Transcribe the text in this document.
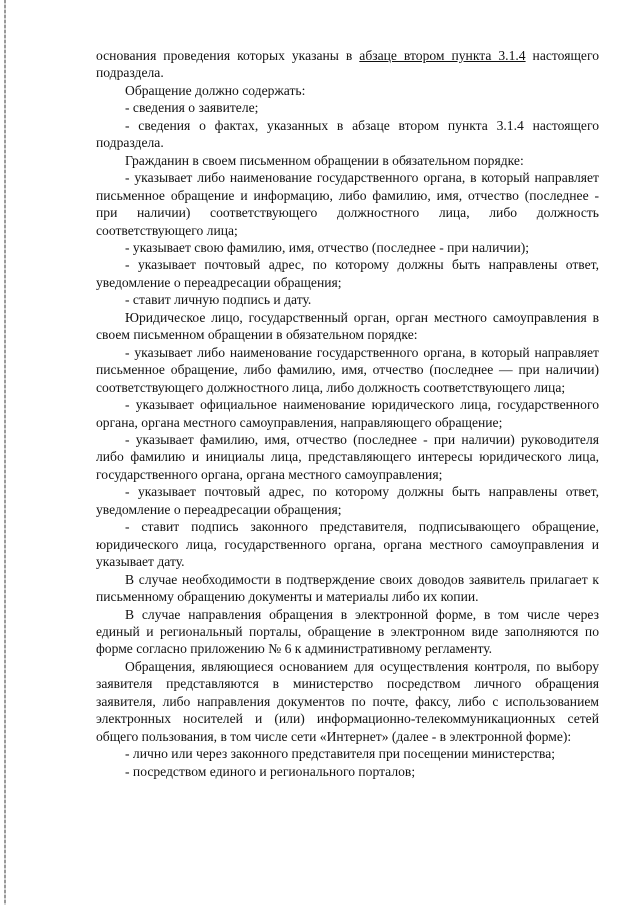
основания проведения которых указаны в абзаце втором пункта 3.1.4 настоящего подраздела.

Обращение должно содержать:

- сведения о заявителе;

- сведения о фактах, указанных в абзаце втором пункта 3.1.4 настоящего подраздела.

Гражданин в своем письменном обращении в обязательном порядке:

- указывает либо наименование государственного органа, в который направляет письменное обращение и информацию, либо фамилию, имя, отчество (последнее - при наличии) соответствующего должностного лица, либо должность соответствующего лица;

- указывает свою фамилию, имя, отчество (последнее - при наличии);

- указывает почтовый адрес, по которому должны быть направлены ответ, уведомление о переадресации обращения;

- ставит личную подпись и дату.

Юридическое лицо, государственный орган, орган местного самоуправления в своем письменном обращении в обязательном порядке:

- указывает либо наименование государственного органа, в который направляет письменное обращение, либо фамилию, имя, отчество (последнее — при наличии) соответствующего должностного лица, либо должность соответствующего лица;

- указывает официальное наименование юридического лица, государственного органа, органа местного самоуправления, направляющего обращение;

- указывает фамилию, имя, отчество (последнее - при наличии) руководителя либо фамилию и инициалы лица, представляющего интересы юридического лица, государственного органа, органа местного самоуправления;

- указывает почтовый адрес, по которому должны быть направлены ответ, уведомление о переадресации обращения;

- ставит подпись законного представителя, подписывающего обращение, юридического лица, государственного органа, органа местного самоуправления и указывает дату.

В случае необходимости в подтверждение своих доводов заявитель прилагает к письменному обращению документы и материалы либо их копии.

В случае направления обращения в электронной форме, в том числе через единый и региональный порталы, обращение в электронном виде заполняются по форме согласно приложению № 6 к административному регламенту.

Обращения, являющиеся основанием для осуществления контроля, по выбору заявителя представляются в министерство посредством личного обращения заявителя, либо направления документов по почте, факсу, либо с использованием электронных носителей и (или) информационно-телекоммуникационных сетей общего пользования, в том числе сети «Интернет» (далее - в электронной форме):

- лично или через законного представителя при посещении министерства;

- посредством единого и регионального порталов;
